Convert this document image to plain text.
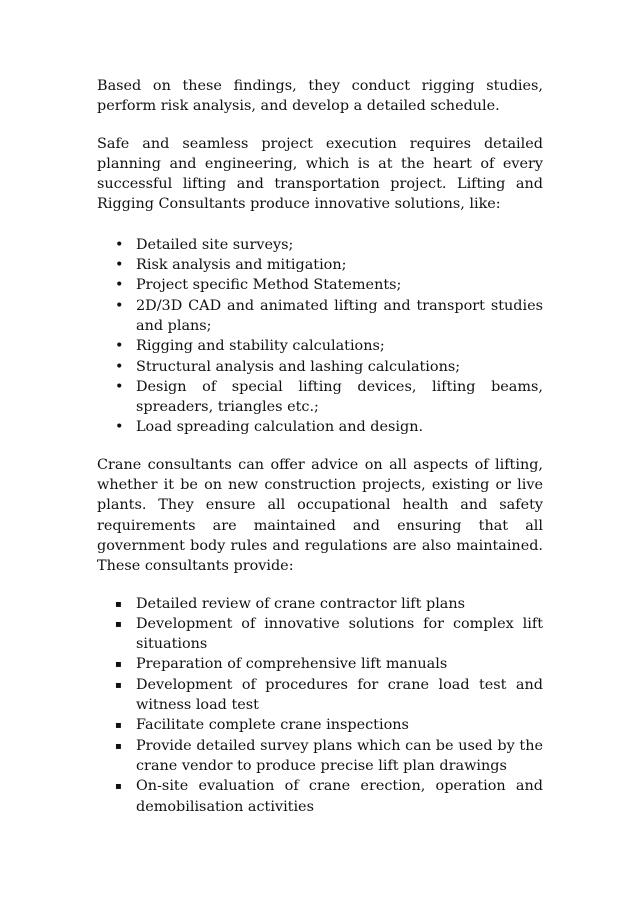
Based on these findings, they conduct rigging studies, perform risk analysis, and develop a detailed schedule.

Safe and seamless project execution requires detailed planning and engineering, which is at the heart of every successful lifting and transportation project. Lifting and Rigging Consultants produce innovative solutions, like:

• Detailed site surveys;
• Risk analysis and mitigation;
• Project specific Method Statements;
• 2D/3D CAD and animated lifting and transport studies and plans;
• Rigging and stability calculations;
• Structural analysis and lashing calculations;
• Design of special lifting devices, lifting beams, spreaders, triangles etc.;
• Load spreading calculation and design.

Crane consultants can offer advice on all aspects of lifting, whether it be on new construction projects, existing or live plants. They ensure all occupational health and safety requirements are maintained and ensuring that all government body rules and regulations are also maintained. These consultants provide:

▪ Detailed review of crane contractor lift plans
▪ Development of innovative solutions for complex lift situations
▪ Preparation of comprehensive lift manuals
▪ Development of procedures for crane load test and witness load test
▪ Facilitate complete crane inspections
▪ Provide detailed survey plans which can be used by the crane vendor to produce precise lift plan drawings
▪ On-site evaluation of crane erection, operation and demobilisation activities
